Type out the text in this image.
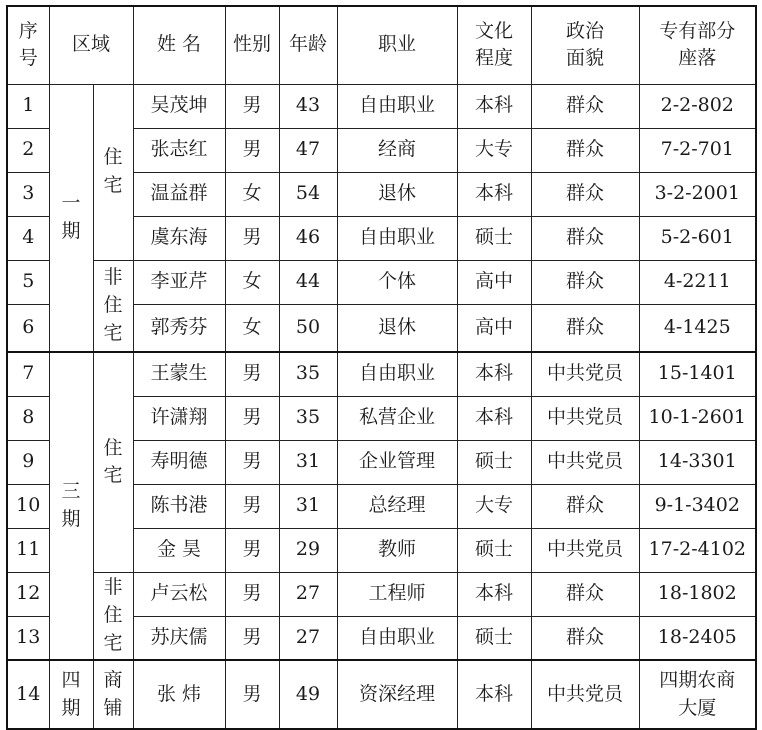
序号	区域		姓 名	性别	年龄	职业	文化程度	政治面貌	专有部分座落
1	一期	住宅	吴茂坤	男	43	自由职业	本科	群众	2-2-802
2			张志红	男	47	经商	大专	群众	7-2-701
3			温益群	女	54	退休	本科	群众	3-2-2001
4			虞东海	男	46	自由职业	硕士	群众	5-2-601
5		非住宅	李亚芹	女	44	个体	高中	群众	4-2211
6			郭秀芬	女	50	退休	高中	群众	4-1425
7	三期	住宅	王蒙生	男	35	自由职业	本科	中共党员	15-1401
8			许潇翔	男	35	私营企业	本科	中共党员	10-1-2601
9			寿明德	男	31	企业管理	硕士	中共党员	14-3301
10			陈书港	男	31	总经理	大专	群众	9-1-3402
11			金 昊	男	29	教师	硕士	中共党员	17-2-4102
12		非住宅	卢云松	男	27	工程师	本科	群众	18-1802
13			苏庆儒	男	27	自由职业	硕士	群众	18-2405
14	四期	商铺	张 炜	男	49	资深经理	本科	中共党员	四期农商大厦
